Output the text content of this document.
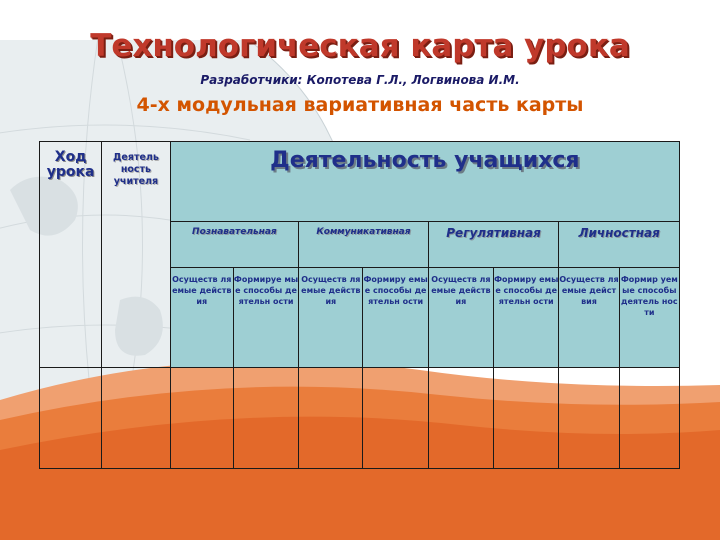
Технологическая карта урока
Разработчики: Копотева Г.Л., Логвинова И.М.
4-х модульная вариативная часть карты
Ход урока	Деятель ность учителя	Деятельность учащихся							

		Познавательная		Коммуникативная		Регулятивная		Личностная	

		Осуществ ляемые действия	Формируе мые способы деятельн ости	Осуществ ляемые действия	Формиру емые способы деятельн ости	Осуществ ляемые действия	Формиру емые способы деятельн ости	Осуществ ляемые действия	Формир уемые способы деятель ности
